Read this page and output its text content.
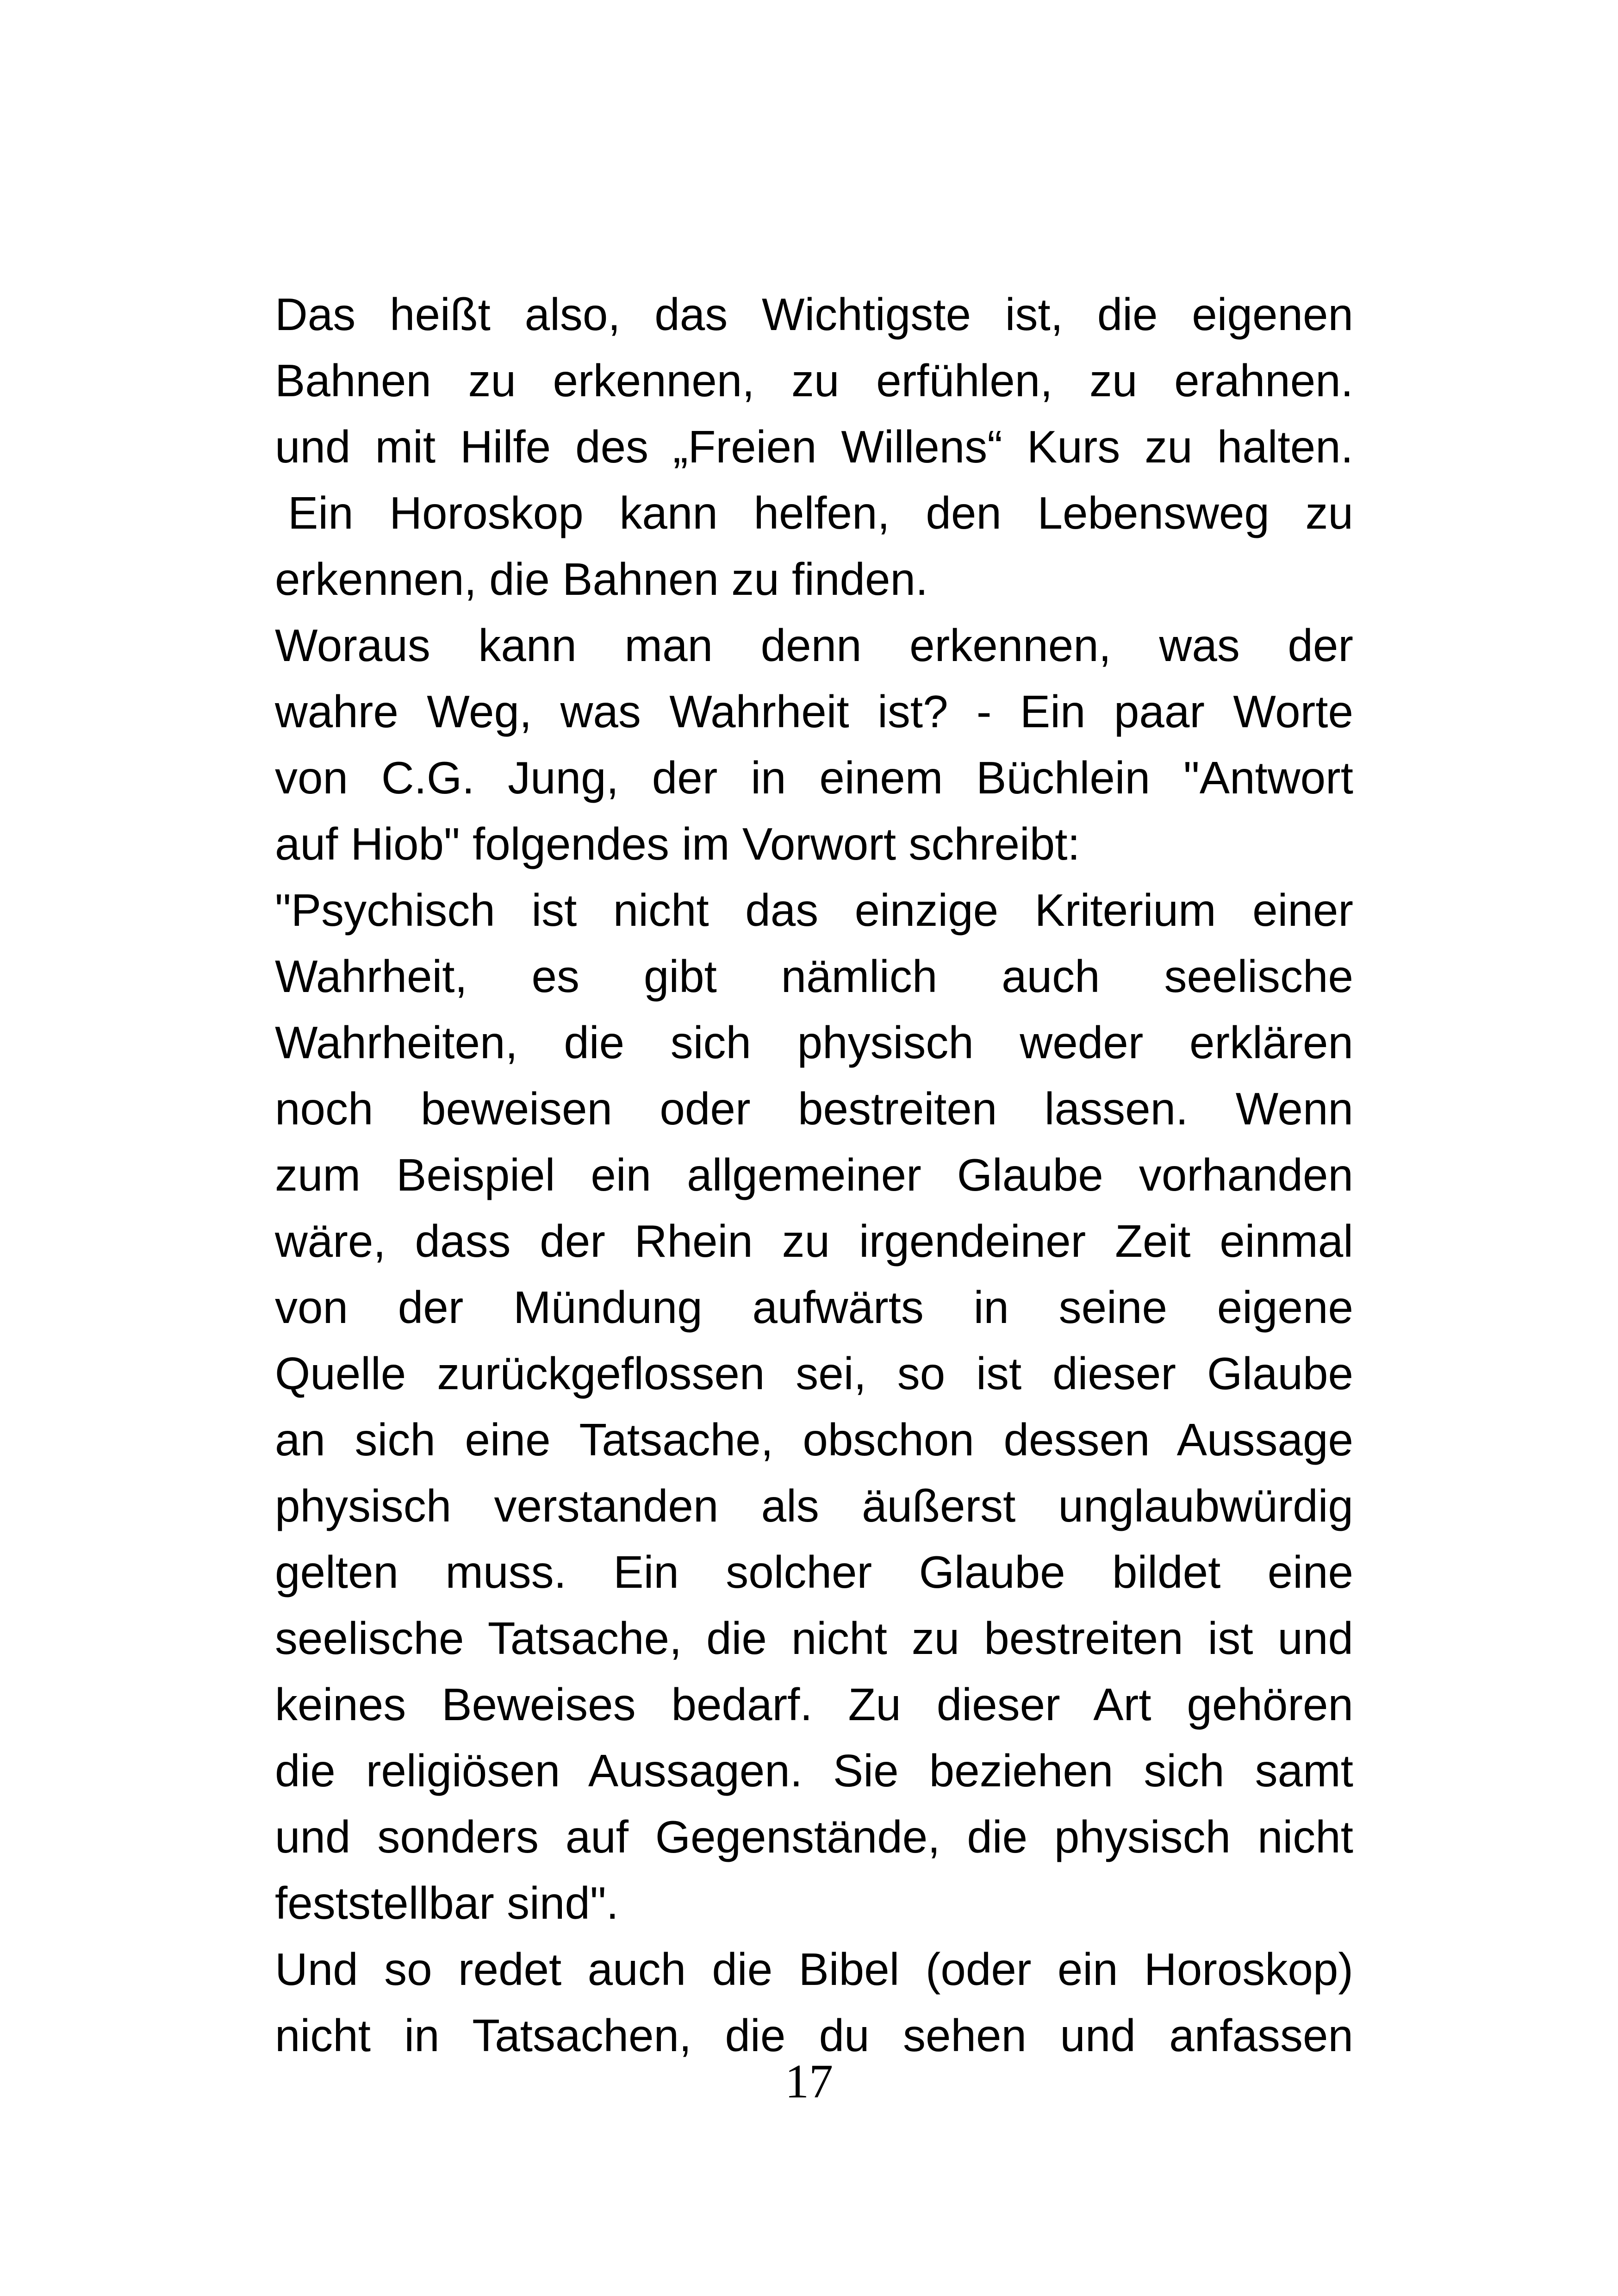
Das heißt also, das Wichtigste ist, die eigenen
Bahnen zu erkennen, zu erfühlen, zu erahnen.
und mit Hilfe des „Freien Willens“ Kurs zu halten.
Ein Horoskop kann helfen, den Lebensweg zu
erkennen, die Bahnen zu finden.
Woraus kann man denn erkennen, was der
wahre Weg, was Wahrheit ist? - Ein paar Worte
von C.G. Jung, der in einem Büchlein "Antwort
auf Hiob" folgendes im Vorwort schreibt:
"Psychisch ist nicht das einzige Kriterium einer
Wahrheit, es gibt nämlich auch seelische
Wahrheiten, die sich physisch weder erklären
noch beweisen oder bestreiten lassen. Wenn
zum Beispiel ein allgemeiner Glaube vorhanden
wäre, dass der Rhein zu irgendeiner Zeit einmal
von der Mündung aufwärts in seine eigene
Quelle zurückgeflossen sei, so ist dieser Glaube
an sich eine Tatsache, obschon dessen Aussage
physisch verstanden als äußerst unglaubwürdig
gelten muss. Ein solcher Glaube bildet eine
seelische Tatsache, die nicht zu bestreiten ist und
keines Beweises bedarf. Zu dieser Art gehören
die religiösen Aussagen. Sie beziehen sich samt
und sonders auf Gegenstände, die physisch nicht
feststellbar sind".
Und so redet auch die Bibel (oder ein Horoskop)
nicht in Tatsachen, die du sehen und anfassen
17
